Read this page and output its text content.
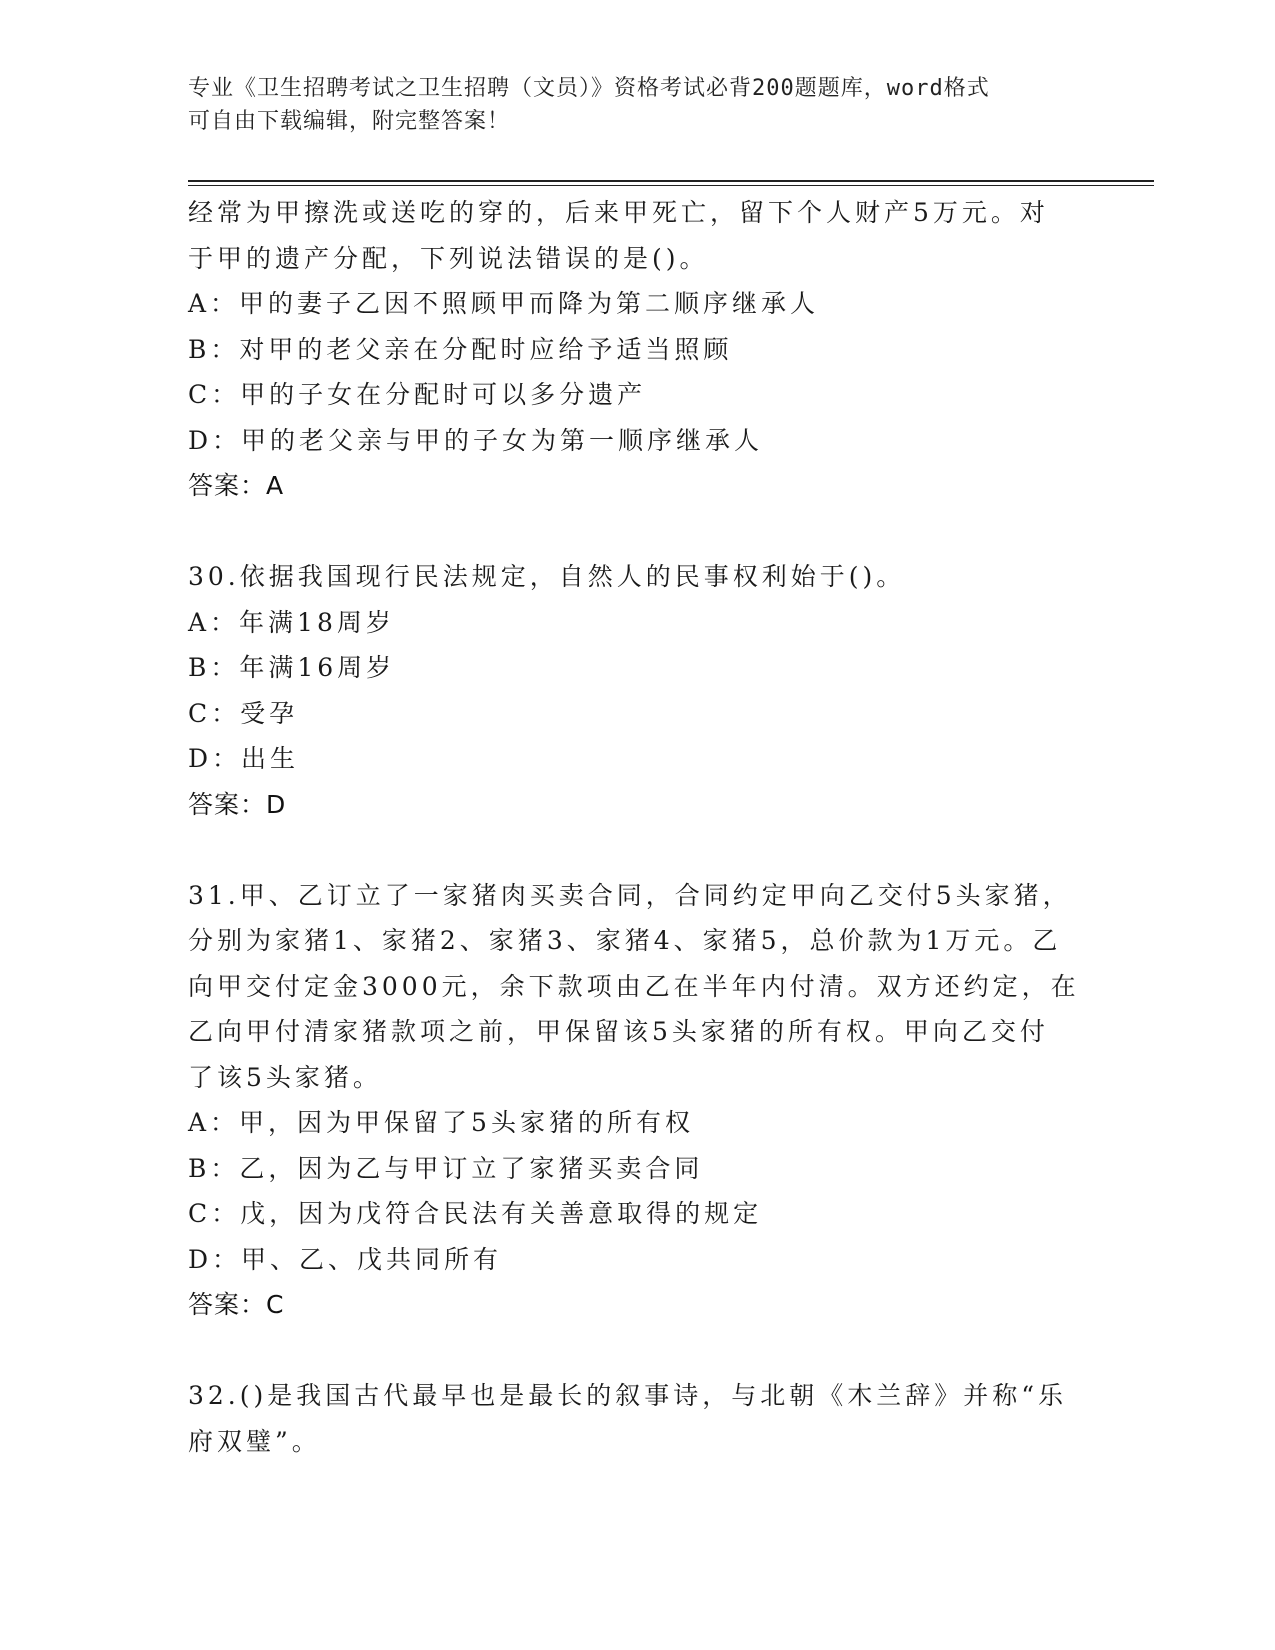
专业《卫生招聘考试之卫生招聘（文员）》资格考试必背200题题库，word格式
可自由下载编辑，附完整答案！
经常为甲擦洗或送吃的穿的，后来甲死亡，留下个人财产5万元。对
于甲的遗产分配，下列说法错误的是()。
A：甲的妻子乙因不照顾甲而降为第二顺序继承人
B：对甲的老父亲在分配时应给予适当照顾
C：甲的子女在分配时可以多分遗产
D：甲的老父亲与甲的子女为第一顺序继承人
答案：A
30.依据我国现行民法规定，自然人的民事权利始于()。
A：年满18周岁
B：年满16周岁
C：受孕
D：出生
答案：D
31.甲、乙订立了一家猪肉买卖合同，合同约定甲向乙交付5头家猪，
分别为家猪1、家猪2、家猪3、家猪4、家猪5，总价款为1万元。乙
向甲交付定金3000元，余下款项由乙在半年内付清。双方还约定，在
乙向甲付清家猪款项之前，甲保留该5头家猪的所有权。甲向乙交付
了该5头家猪。
A：甲，因为甲保留了5头家猪的所有权
B：乙，因为乙与甲订立了家猪买卖合同
C：戊，因为戊符合民法有关善意取得的规定
D：甲、乙、戊共同所有
答案：C
32.()是我国古代最早也是最长的叙事诗，与北朝《木兰辞》并称“乐
府双璧”。
